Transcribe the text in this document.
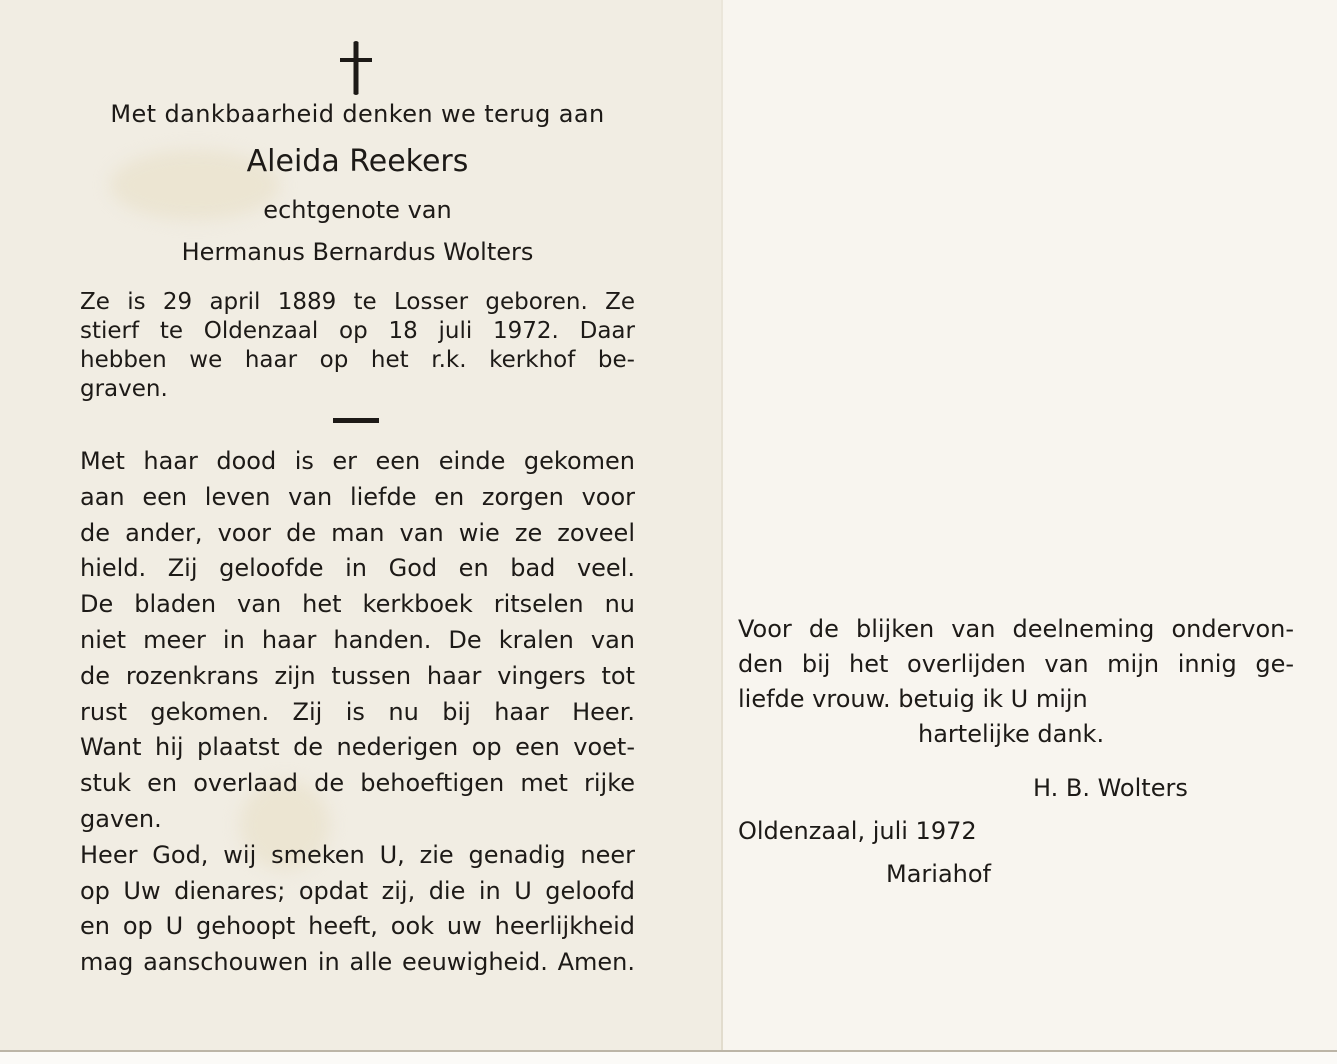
Met dankbaarheid denken we terug aan

Aleida Reekers

echtgenote van

Hermanus Bernardus Wolters

Ze is 29 april 1889 te Losser geboren. Ze
stierf te Oldenzaal op 18 juli 1972. Daar
hebben we haar op het r.k. kerkhof be-
graven.
Met haar dood is er een einde gekomen
aan een leven van liefde en zorgen voor
de ander, voor de man van wie ze zoveel
hield. Zij geloofde in God en bad veel.
De bladen van het kerkboek ritselen nu
niet meer in haar handen. De kralen van
de rozenkrans zijn tussen haar vingers tot
rust gekomen. Zij is nu bij haar Heer.
Want hij plaatst de nederigen op een voet-
stuk en overlaad de behoeftigen met rijke
gaven.
Heer God, wij smeken U, zie genadig neer
op Uw dienares; opdat zij, die in U geloofd
en op U gehoopt heeft, ook uw heerlijkheid
mag aanschouwen in alle eeuwigheid. Amen.
Voor de blijken van deelneming ondervon-
den bij het overlijden van mijn innig ge-
liefde vrouw. betuig ik U mijn
hartelijke dank.

H. B. Wolters

Oldenzaal, juli 1972

Mariahof
